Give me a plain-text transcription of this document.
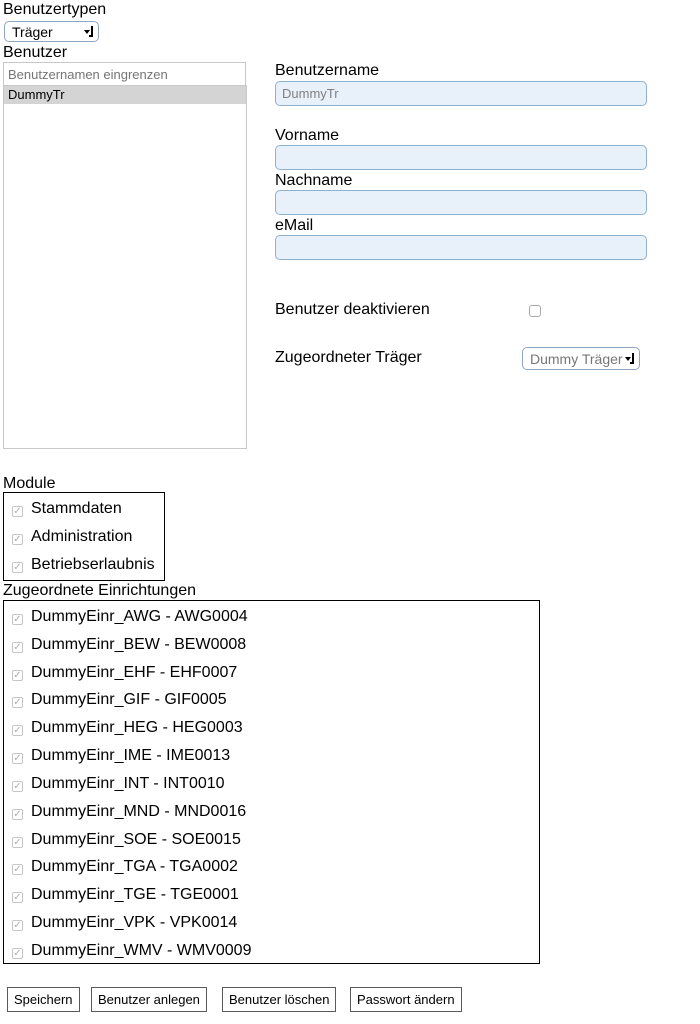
Benutzertypen
Träger
Benutzer
Benutzernamen eingrenzen
DummyTr
Benutzername
DummyTr
Vorname
Nachname
eMail
Benutzer deaktivieren
Zugeordneter Träger	Dummy Träger
Module
✓ Stammdaten
✓ Administration
✓ Betriebserlaubnis
Zugeordnete Einrichtungen
✓ DummyEinr_AWG - AWG0004
✓ DummyEinr_BEW - BEW0008
✓ DummyEinr_EHF - EHF0007
✓ DummyEinr_GIF - GIF0005
✓ DummyEinr_HEG - HEG0003
✓ DummyEinr_IME - IME0013
✓ DummyEinr_INT - INT0010
✓ DummyEinr_MND - MND0016
✓ DummyEinr_SOE - SOE0015
✓ DummyEinr_TGA - TGA0002
✓ DummyEinr_TGE - TGE0001
✓ DummyEinr_VPK - VPK0014
✓ DummyEinr_WMV - WMV0009
Speichern	Benutzer anlegen	Benutzer löschen	Passwort ändern
